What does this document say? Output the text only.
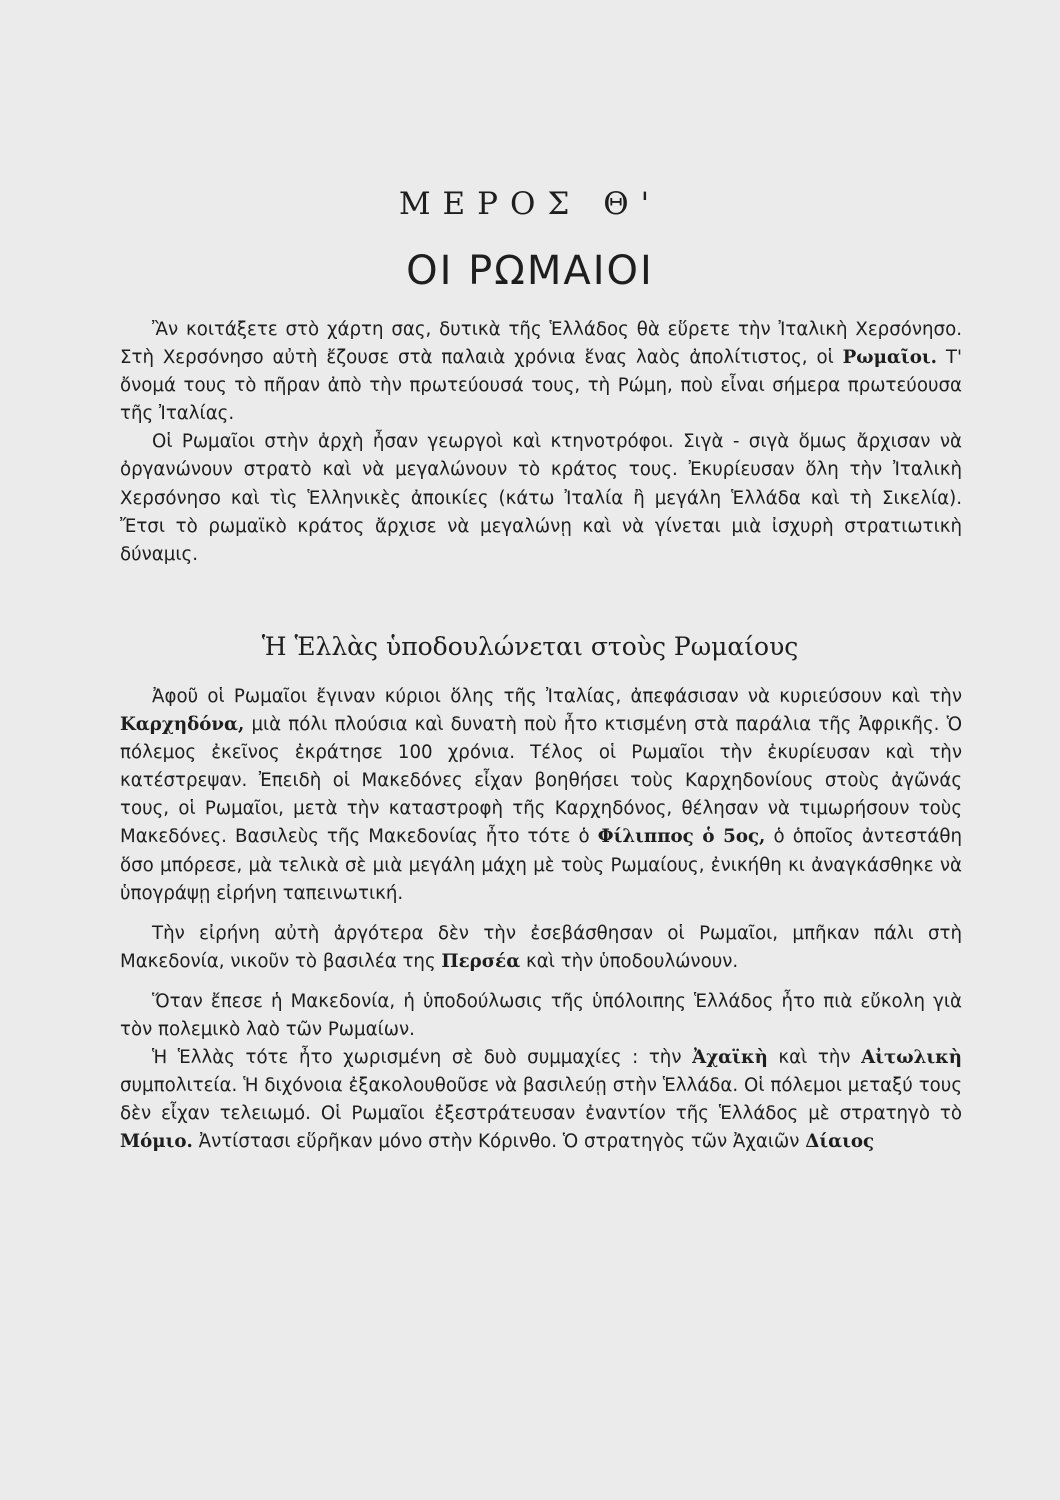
ΜΕΡΟΣ Θ'
ΟΙ ΡΩΜΑΙΟΙ

Ἂν κοιτάξετε στὸ χάρτη σας, δυτικὰ τῆς Ἑλλάδος θὰ εὕρετε τὴν Ἰταλικὴ Χερσόνησο. Στὴ Χερσόνησο αὐτὴ ἔζουσε στὰ παλαιὰ χρόνια ἕνας λαὸς ἀπολίτιστος, οἱ Ρωμαῖοι. Τ' ὄνομά τους τὸ πῆραν ἀπὸ τὴν πρωτεύουσά τους, τὴ Ρώμη, ποὺ εἶναι σήμερα πρωτεύουσα τῆς Ἰταλίας.

Οἱ Ρωμαῖοι στὴν ἀρχὴ ἦσαν γεωργοὶ καὶ κτηνοτρόφοι. Σιγὰ - σιγὰ ὅμως ἄρχισαν νὰ ὀργανώνουν στρατὸ καὶ νὰ μεγαλώνουν τὸ κράτος τους. Ἐκυρίευσαν ὅλη τὴν Ἰταλικὴ Χερσόνησο καὶ τὶς Ἑλληνικὲς ἀποικίες (κάτω Ἰταλία ἢ μεγάλη Ἑλλάδα καὶ τὴ Σικελία). Ἔτσι τὸ ρωμαϊκὸ κράτος ἄρχισε νὰ μεγαλώνῃ καὶ νὰ γίνεται μιὰ ἰσχυρὴ στρατιωτικὴ δύναμις.

Ἡ Ἑλλὰς ὑποδουλώνεται στοὺς Ρωμαίους

Ἀφοῦ οἱ Ρωμαῖοι ἔγιναν κύριοι ὅλης τῆς Ἰταλίας, ἀπεφάσισαν νὰ κυριεύσουν καὶ τὴν Καρχηδόνα, μιὰ πόλι πλούσια καὶ δυνατὴ ποὺ ἦτο κτισμένη στὰ παράλια τῆς Ἀφρικῆς. Ὁ πόλεμος ἐκεῖνος ἐκράτησε 100 χρόνια. Τέλος οἱ Ρωμαῖοι τὴν ἐκυρίευσαν καὶ τὴν κατέστρεψαν. Ἐπειδὴ οἱ Μακεδόνες εἶχαν βοηθήσει τοὺς Καρχηδονίους στοὺς ἀγῶνάς τους, οἱ Ρωμαῖοι, μετὰ τὴν καταστροφὴ τῆς Καρχηδόνος, θέλησαν νὰ τιμωρήσουν τοὺς Μακεδόνες. Βασιλεὺς τῆς Μακεδονίας ἦτο τότε ὁ Φίλιππος ὁ 5ος, ὁ ὁποῖος ἀντεστάθη ὅσο μπόρεσε, μὰ τελικὰ σὲ μιὰ μεγάλη μάχη μὲ τοὺς Ρωμαίους, ἐνικήθη κι ἀναγκάσθηκε νὰ ὑπογράψῃ εἰρήνη ταπεινωτική.

Τὴν εἰρήνη αὐτὴ ἀργότερα δὲν τὴν ἐσεβάσθησαν οἱ Ρωμαῖοι, μπῆκαν πάλι στὴ Μακεδονία, νικοῦν τὸ βασιλέα της Περσέα καὶ τὴν ὑποδουλώνουν.

Ὅταν ἔπεσε ἡ Μακεδονία, ἡ ὑποδούλωσις τῆς ὑπόλοιπης Ἑλλάδος ἦτο πιὰ εὔκολη γιὰ τὸν πολεμικὸ λαὸ τῶν Ρωμαίων.

Ἡ Ἑλλὰς τότε ἦτο χωρισμένη σὲ δυὸ συμμαχίες : τὴν Ἀχαϊκὴ καὶ τὴν Αἰτωλικὴ συμπολιτεία. Ἡ διχόνοια ἐξακολουθοῦσε νὰ βασιλεύῃ στὴν Ἑλλάδα. Οἱ πόλεμοι μεταξύ τους δὲν εἶχαν τελειωμό. Οἱ Ρωμαῖοι ἐξεστράτευσαν ἐναντίον τῆς Ἑλλάδος μὲ στρατηγὸ τὸ Μόμιο. Ἀντίστασι εὕρῆκαν μόνο στὴν Κόρινθο. Ὁ στρατηγὸς τῶν Ἀχαιῶν Δίαιος
